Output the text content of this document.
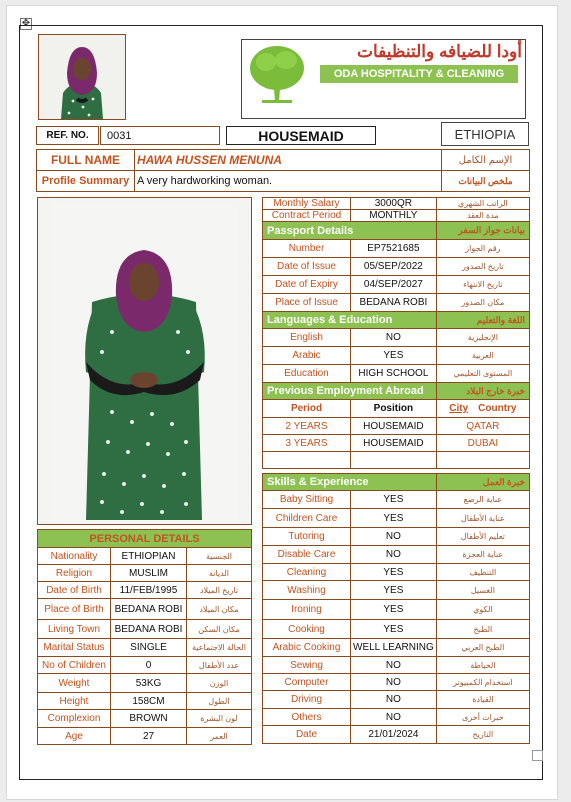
✥
أودا للضيافه والتنظيفات
ODA HOSPITALITY & CLEANING
REF. NO.	0031	HOUSEMAID	ETHIOPIA
FULL NAME	HAWA HUSSEN MENUNA	الإسم الكامل
Profile Summary	A very hardworking woman.	ملخص البيانات
PERSONAL DETAILS		
Nationality	ETHIOPIAN	الجنسية
Religion	MUSLIM	الديانة
Date of Birth	11/FEB/1995	تاريخ الميلاد
Place of Birth	BEDANA ROBI	مكان الميلاد
Living Town	BEDANA ROBI	مكان السكن
Marital Status	SINGLE	الحالة الاجتماعية
No of Children	0	عدد الأطفال
Weight	53KG	الوزن
Height	158CM	الطول
Complexion	BROWN	لون البشرة
Age	27	العمر
Monthly Salary	3000QR	الراتب الشهري
Contract Period	MONTHLY	مدة العقد
Passport Details		بيانات جواز السفر
Number	EP7521685	رقم الجواز
Date of Issue	05/SEP/2022	تاريخ الصدور
Date of Expiry	04/SEP/2027	تاريخ الانتهاء
Place of Issue	BEDANA ROBI	مكان الصدور
Languages & Education		اللغة والتعليم
English	NO	الإنجليزية
Arabic	YES	العربية
Education	HIGH SCHOOL	المستوى التعليمي
Previous Employment Abroad		خبرة خارج البلاد
Period	Position	City Country
2 YEARS	HOUSEMAID	QATAR
3 YEARS	HOUSEMAID	DUBAI

Skills & Experience		خبرة العمل
Baby Sitting	YES	عناية الرضع
Children Care	YES	عناية الأطفال
Tutoring	NO	تعليم الأطفال
Disable Care	NO	عناية العجزة
Cleaning	YES	التنظيف
Washing	YES	الغسيل
Ironing	YES	الكوي
Cooking	YES	الطبخ
Arabic Cooking	WELL LEARNING	الطبخ العربي
Sewing	NO	الخياطة
Computer	NO	استخدام الكمبيوتر
Driving	NO	القيادة
Others	NO	خبرات أخرى
Date	21/01/2024	التاريخ
